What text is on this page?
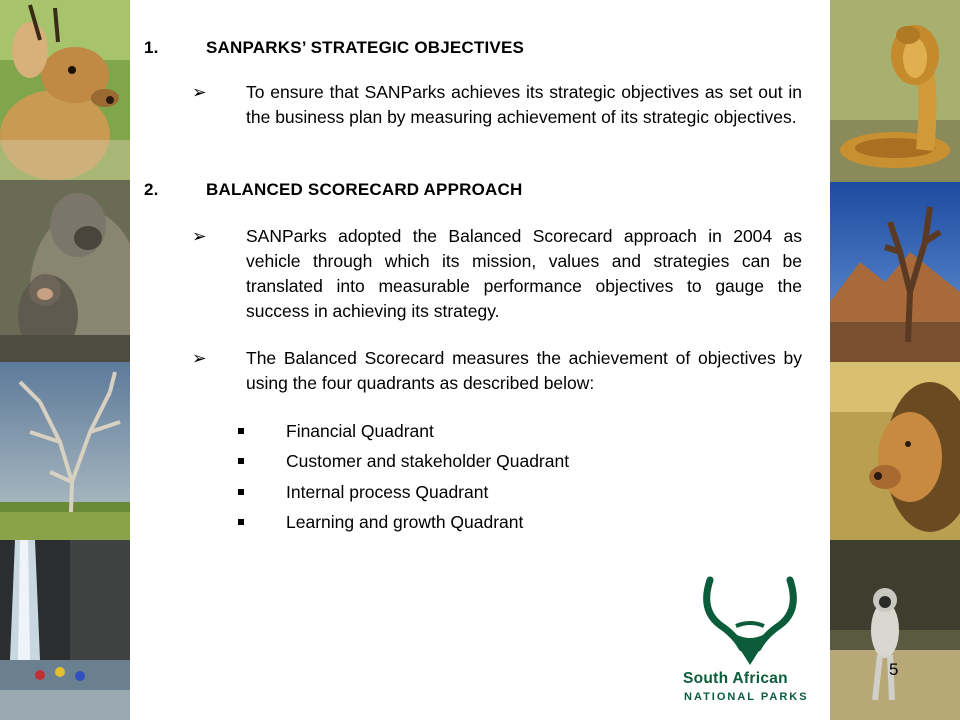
1.	SANPARKS’ STRATEGIC OBJECTIVES
➢ To ensure that SANParks achieves its strategic objectives as set out in the business plan by measuring achievement of its strategic objectives.
2.	BALANCED SCORECARD APPROACH
➢ SANParks adopted the Balanced Scorecard approach in 2004 as vehicle through which its mission, values and strategies can be translated into measurable performance objectives to gauge the success in achieving its strategy.
➢ The Balanced Scorecard measures the achievement of objectives by using the four quadrants as described below:
Financial Quadrant
Customer and stakeholder Quadrant
Internal process Quadrant
Learning and growth Quadrant
South African
NATIONAL PARKS
5
